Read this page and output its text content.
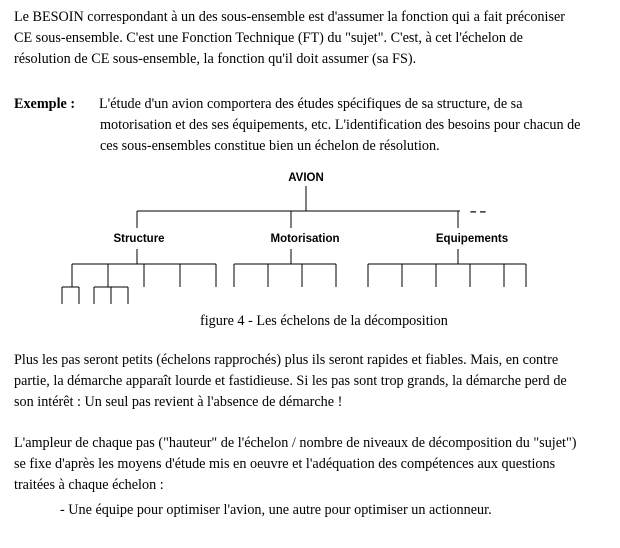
Le BESOIN correspondant à un des sous-ensemble est d'assumer la fonction qui a fait préconiser
CE sous-ensemble. C'est une Fonction Technique (FT) du "sujet". C'est, à cet l'échelon de
résolution de CE sous-ensemble, la fonction qu'il doit assumer (sa FS).
Exemple : L'étude d'un avion comportera des études spécifiques de sa structure, de sa
motorisation et des ses équipements, etc. L'identification des besoins pour chacun de
ces sous-ensembles constitue bien un échelon de résolution.
AVION
– –
Structure	Motorisation	Equipements
figure 4 - Les échelons de la décomposition
Plus les pas seront petits (échelons rapprochés) plus ils seront rapides et fiables. Mais, en contre
partie, la démarche apparaît lourde et fastidieuse. Si les pas sont trop grands, la démarche perd de
son intérêt : Un seul pas revient à l'absence de démarche !
L'ampleur de chaque pas ("hauteur" de l'échelon / nombre de niveaux de décomposition du "sujet")
se fixe d'après les moyens d'étude mis en oeuvre et l'adéquation des compétences aux questions
traitées à chaque échelon :
- Une équipe pour optimiser l'avion, une autre pour optimiser un actionneur.
